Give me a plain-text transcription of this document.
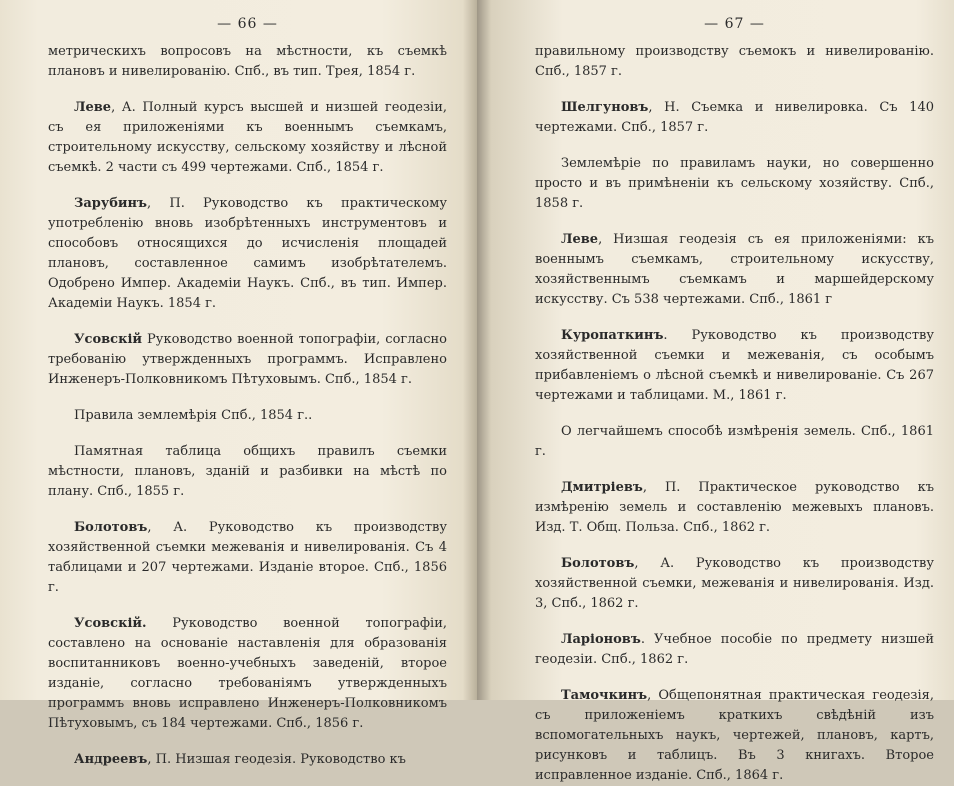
— 66 —

метрическихъ вопросовъ на мѣстности, къ съемкѣ плановъ и нивелированію. Спб., въ тип. Трея, 1854 г.

Леве, А. Полный курсъ высшей и низшей геодезіи, съ ея приложеніями къ военнымъ съемкамъ, строительному искусству, сельскому хозяйству и лѣсной съемкѣ. 2 части съ 499 чертежами. Спб., 1854 г.

Зарубинъ, П. Руководство къ практическому употребленію вновь изобрѣтенныхъ инструментовъ и способовъ относящихся до исчисленія площадей плановъ, составленное самимъ изобрѣтателемъ. Одобрено Импер. Академіи Наукъ. Спб., въ тип. Импер. Академіи Наукъ. 1854 г.

Усовскій Руководство военной топографіи, согласно требованію утвержденныхъ программъ. Исправлено Инженеръ-Полковникомъ Пѣтуховымъ. Спб., 1854 г.

Правила землемѣрія Спб., 1854 г..

Памятная таблица общихъ правилъ съемки мѣстности, плановъ, зданій и разбивки на мѣстѣ по плану. Спб., 1855 г.

Болотовъ, А. Руководство къ производству хозяйственной съемки межеванія и нивелированія. Съ 4 таблицами и 207 чертежами. Изданіе второе. Спб., 1856 г.

Усовскій. Руководство военной топографіи, составлено на основаніе наставленія для образованія воспитанниковъ военно-учебныхъ заведеній, второе изданіе, согласно требованіямъ утвержденныхъ программъ вновь исправлено Инженеръ-Полковникомъ Пѣтуховымъ, съ 184 чертежами. Спб., 1856 г.

Андреевъ, П. Низшая геодезія. Руководство къ

— 67 —

правильному производству съемокъ и нивелированію. Спб., 1857 г.

Шелгуновъ, Н. Съемка и нивелировка. Съ 140 чертежами. Спб., 1857 г.

Землемѣріе по правиламъ науки, но совершенно просто и въ примѣненіи къ сельскому хозяйству. Спб., 1858 г.

Леве, Низшая геодезія съ ея приложеніями: къ военнымъ съемкамъ, строительному искусству, хозяйственнымъ съемкамъ и маршейдерскому искусству. Съ 538 чертежами. Спб., 1861 г

Куропаткинъ. Руководство къ производству хозяйственной съемки и межеванія, съ особымъ прибавленіемъ о лѣсной съемкѣ и нивелированіе. Съ 267 чертежами и таблицами. М., 1861 г.

О легчайшемъ способѣ измѣренія земель. Спб., 1861 г.

Дмитріевъ, П. Практическое руководство къ измѣренію земель и составленію межевыхъ плановъ. Изд. Т. Общ. Польза. Спб., 1862 г.

Болотовъ, А. Руководство къ производству хозяйственной съемки, межеванія и нивелированія. Изд. 3, Спб., 1862 г.

Ларіоновъ. Учебное пособіе по предмету низшей геодезіи. Спб., 1862 г.

Тамочкинъ, Общепонятная практическая геодезія, съ приложеніемъ краткихъ свѣдѣній изъ вспомогательныхъ наукъ, чертежей, плановъ, картъ, рисунковъ и таблицъ. Въ 3 книгахъ. Второе исправленное изданіе. Спб., 1864 г.
